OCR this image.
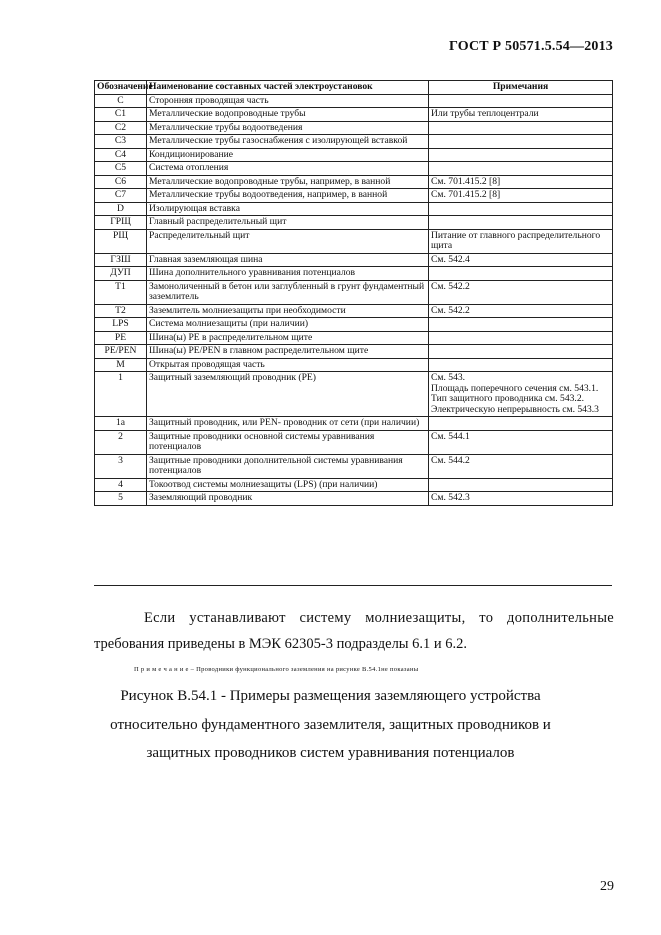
ГОСТ Р 50571.5.54—2013
Обозначение	Наименование составных частей электроустановок	Примечания
C	Сторонняя проводящая часть	
C1	Металлические водопроводные трубы	Или трубы теплоцентрали
C2	Металлические трубы водоотведения	
C3	Металлические трубы газоснабжения с изолирующей вставкой	
C4	Кондиционирование	
C5	Система отопления	
C6	Металлические водопроводные трубы, например, в ванной	См. 701.415.2 [8]
C7	Металлические трубы водоотведения, например, в ванной	См. 701.415.2 [8]
D	Изолирующая вставка	
ГРЩ	Главный распределительный щит	
РЩ	Распределительный щит	Питание от главного распределительного щита
ГЗШ	Главная заземляющая шина	См. 542.4
ДУП	Шина дополнительного уравнивания потенциалов	
T1	Замоноличенный в бетон или заглубленный в грунт фундаментный заземлитель	См. 542.2
T2	Заземлитель молниезащиты при необходимости	См. 542.2
LPS	Система молниезащиты (при наличии)	
PE	Шина(ы) PE в распределительном щите	
PE/PEN	Шина(ы) PE/PEN в главном распределительном щите	
M	Открытая проводящая часть	
1	Защитный заземляющий проводник (PE)	См. 543.
Площадь поперечного сечения см. 543.1.
Тип защитного проводника см. 543.2.
Электрическую непрерывность см. 543.3
1a	Защитный проводник, или PEN- проводник от сети (при наличии)	
2	Защитные проводники основной системы уравнивания потенциалов	См. 544.1
3	Защитные проводники дополнительной системы уравнивания потенциалов	См. 544.2
4	Токоотвод системы молниезащиты (LPS) (при наличии)	
5	Заземляющий проводник	См. 542.3
Если устанавливают систему молниезащиты, то дополнительные
требования приведены в МЭК 62305-3 подразделы 6.1 и 6.2.
П р и м е ч а н и е – Проводники функционального заземления на рисунке В.54.1не показаны
Рисунок В.54.1 - Примеры размещения заземляющего устройства
относительно фундаментного заземлителя, защитных проводников и
защитных проводников систем уравнивания потенциалов
29
